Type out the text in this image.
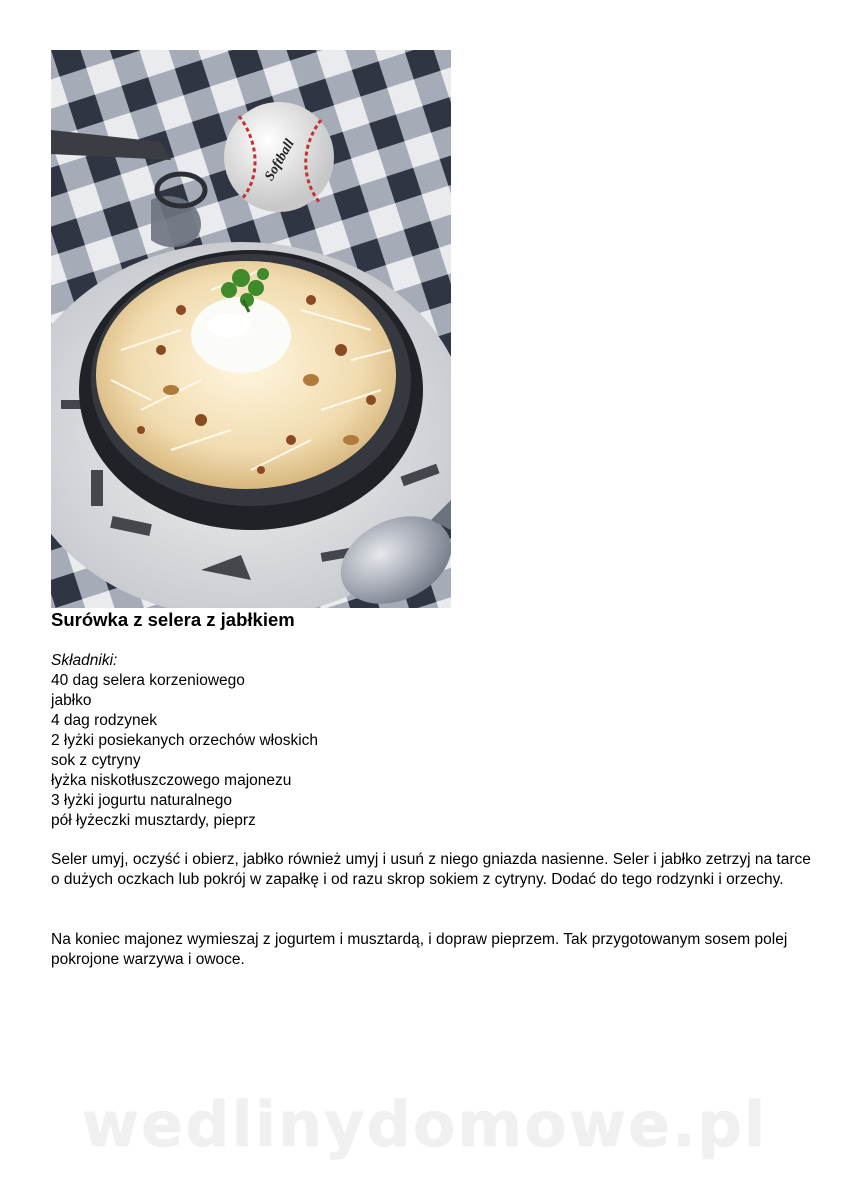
Softball
Surówka z selera z jabłkiem
Składniki:
40 dag selera korzeniowego
jabłko
4 dag rodzynek
2 łyżki posiekanych orzechów włoskich
sok z cytryny
łyżka niskotłuszczowego majonezu
3 łyżki jogurtu naturalnego
pół łyżeczki musztardy, pieprz

Seler umyj, oczyść i obierz, jabłko również umyj i usuń z niego gniazda nasienne. Seler i jabłko zetrzyj na tarce o dużych oczkach lub pokrój w zapałkę i od razu skrop sokiem z cytryny. Dodać do tego rodzynki i orzechy.

Na koniec majonez wymieszaj z jogurtem i musztardą, i dopraw pieprzem. Tak przygotowanym sosem polej pokrojone warzywa i owoce.

wedlinydomowe.pl
